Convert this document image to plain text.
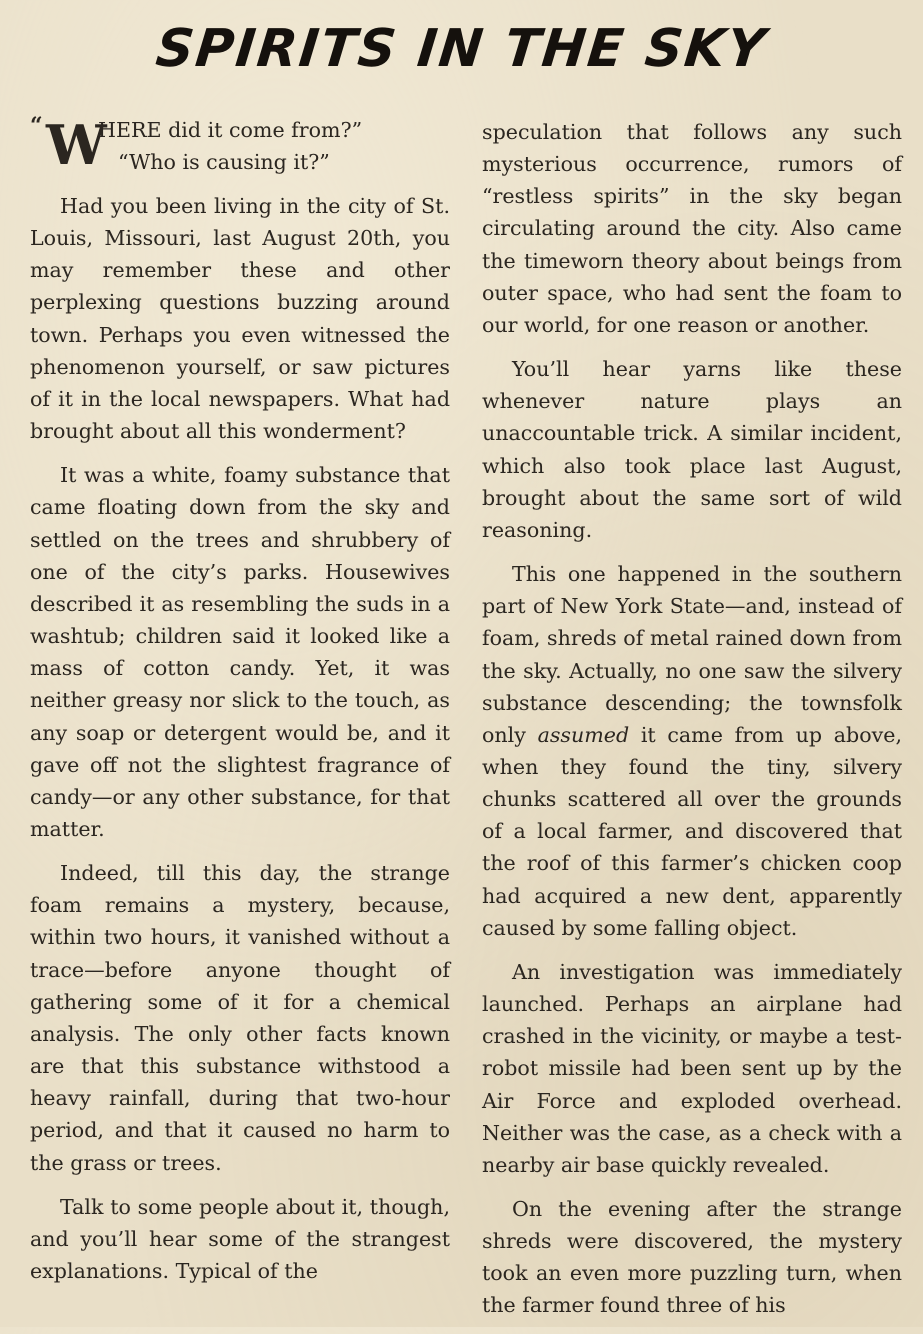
SPIRITS IN THE SKY
“ W
HERE did it come from?”
“Who is causing it?”

Had you been living in the city of St. Louis, Missouri, last August 20th, you may remember these and other perplexing questions buzzing around town. Perhaps you even witnessed the phenomenon yourself, or saw pictures of it in the local newspapers. What had brought about all this wonderment?

It was a white, foamy substance that came floating down from the sky and settled on the trees and shrubbery of one of the city’s parks. Housewives described it as resembling the suds in a washtub; children said it looked like a mass of cotton candy. Yet, it was neither greasy nor slick to the touch, as any soap or detergent would be, and it gave off not the slightest fragrance of candy—or any other substance, for that matter.

Indeed, till this day, the strange foam remains a mystery, because, within two hours, it vanished without a trace—before anyone thought of gathering some of it for a chemical analysis. The only other facts known are that this substance withstood a heavy rainfall, during that two-hour period, and that it caused no harm to the grass or trees.

Talk to some people about it, though, and you’ll hear some of the strangest explanations. Typical of the

speculation that follows any such mysterious occurrence, rumors of “restless spirits” in the sky began circulating around the city. Also came the timeworn theory about beings from outer space, who had sent the foam to our world, for one reason or another.

You’ll hear yarns like these whenever nature plays an unaccountable trick. A similar incident, which also took place last August, brought about the same sort of wild reasoning.

This one happened in the southern part of New York State—and, instead of foam, shreds of metal rained down from the sky. Actually, no one saw the silvery substance descending; the townsfolk only assumed it came from up above, when they found the tiny, silvery chunks scattered all over the grounds of a local farmer, and discovered that the roof of this farmer’s chicken coop had acquired a new dent, apparently caused by some falling object.

An investigation was immediately launched. Perhaps an airplane had crashed in the vicinity, or maybe a test-robot missile had been sent up by the Air Force and exploded overhead. Neither was the case, as a check with a nearby air base quickly revealed.

On the evening after the strange shreds were discovered, the mystery took an even more puzzling turn, when the farmer found three of his
